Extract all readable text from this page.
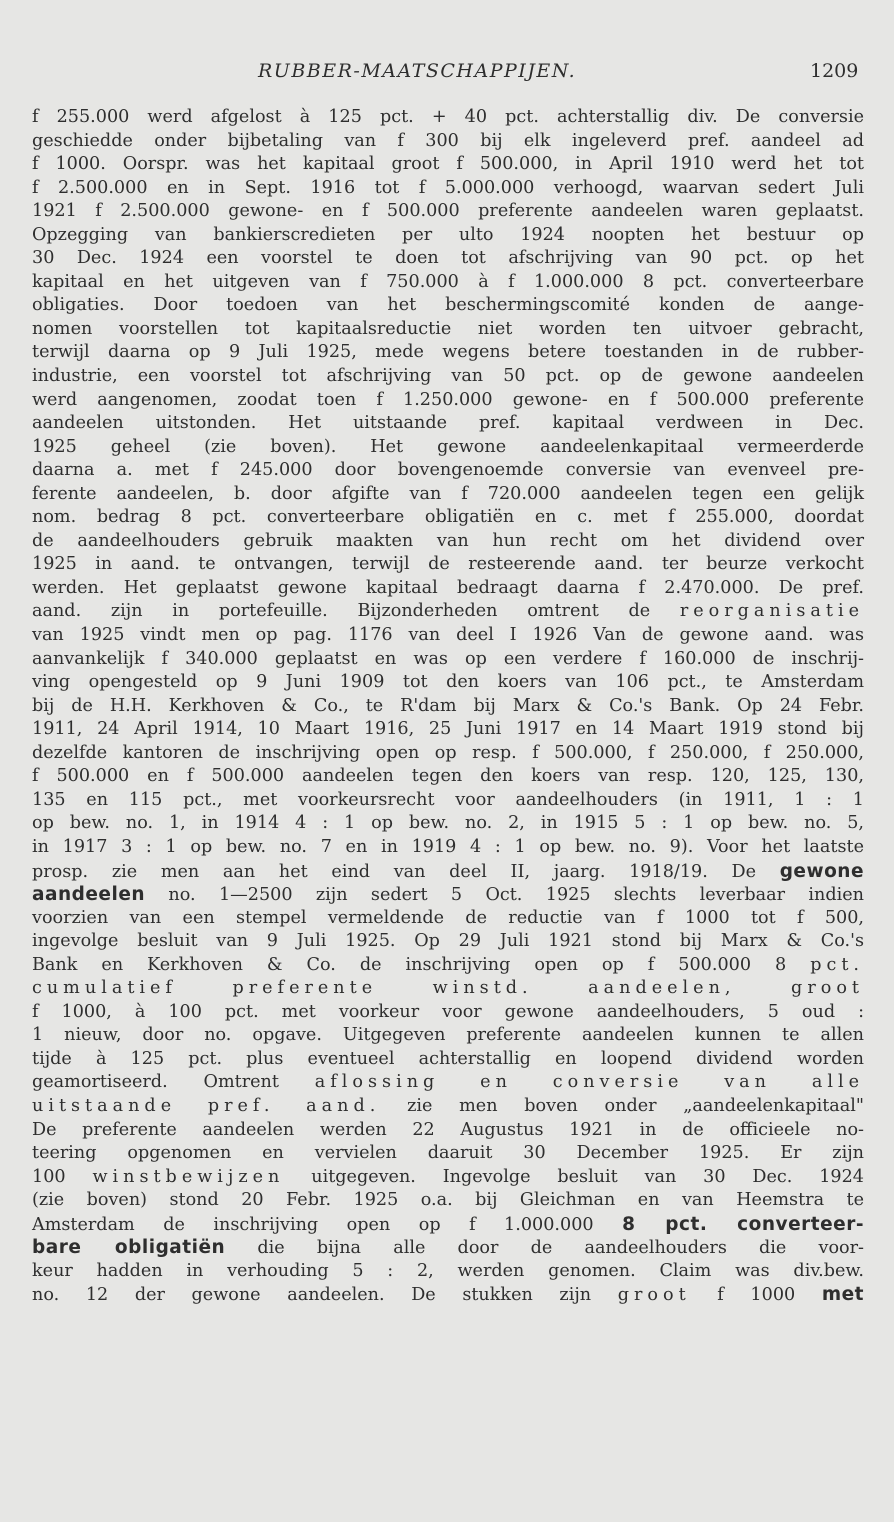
RUBBER-MAATSCHAPPIJEN.	1209
f 255.000 werd afgelost à 125 pct. + 40 pct. achterstallig div. De conversie
geschiedde onder bijbetaling van f 300 bij elk ingeleverd pref. aandeel ad
f 1000. Oorspr. was het kapitaal groot f 500.000, in April 1910 werd het tot
f 2.500.000 en in Sept. 1916 tot f 5.000.000 verhoogd, waarvan sedert Juli
1921 f 2.500.000 gewone- en f 500.000 preferente aandeelen waren geplaatst.
Opzegging van bankierscredieten per ulto 1924 noopten het bestuur op
30 Dec. 1924 een voorstel te doen tot afschrijving van 90 pct. op het
kapitaal en het uitgeven van f 750.000 à f 1.000.000 8 pct. converteerbare
obligaties. Door toedoen van het beschermingscomité konden de aange-
nomen voorstellen tot kapitaalsreductie niet worden ten uitvoer gebracht,
terwijl daarna op 9 Juli 1925, mede wegens betere toestanden in de rubber-
industrie, een voorstel tot afschrijving van 50 pct. op de gewone aandeelen
werd aangenomen, zoodat toen f 1.250.000 gewone- en f 500.000 preferente
aandeelen uitstonden. Het uitstaande pref. kapitaal verdween in Dec.
1925 geheel (zie boven). Het gewone aandeelenkapitaal vermeerderde
daarna a. met f 245.000 door bovengenoemde conversie van evenveel pre-
ferente aandeelen, b. door afgifte van f 720.000 aandeelen tegen een gelijk
nom. bedrag 8 pct. converteerbare obligatiën en c. met f 255.000, doordat
de aandeelhouders gebruik maakten van hun recht om het dividend over
1925 in aand. te ontvangen, terwijl de resteerende aand. ter beurze verkocht
werden. Het geplaatst gewone kapitaal bedraagt daarna f 2.470.000. De pref.
aand. zijn in portefeuille. Bijzonderheden omtrent de reorganisatie
van 1925 vindt men op pag. 1176 van deel I 1926 Van de gewone aand. was
aanvankelijk f 340.000 geplaatst en was op een verdere f 160.000 de inschrij-
ving opengesteld op 9 Juni 1909 tot den koers van 106 pct., te Amsterdam
bij de H.H. Kerkhoven & Co., te R'dam bij Marx & Co.'s Bank. Op 24 Febr.
1911, 24 April 1914, 10 Maart 1916, 25 Juni 1917 en 14 Maart 1919 stond bij
dezelfde kantoren de inschrijving open op resp. f 500.000, f 250.000, f 250.000,
f 500.000 en f 500.000 aandeelen tegen den koers van resp. 120, 125, 130,
135 en 115 pct., met voorkeursrecht voor aandeelhouders (in 1911, 1 : 1
op bew. no. 1, in 1914 4 : 1 op bew. no. 2, in 1915 5 : 1 op bew. no. 5,
in 1917 3 : 1 op bew. no. 7 en in 1919 4 : 1 op bew. no. 9). Voor het laatste
prosp. zie men aan het eind van deel II, jaarg. 1918/19. De gewone
aandeelen no. 1—2500 zijn sedert 5 Oct. 1925 slechts leverbaar indien
voorzien van een stempel vermeldende de reductie van f 1000 tot f 500,
ingevolge besluit van 9 Juli 1925. Op 29 Juli 1921 stond bij Marx & Co.'s
Bank en Kerkhoven & Co. de inschrijving open op f 500.000 8 pct.
cumulatief preferente winstd. aandeelen, groot
f 1000, à 100 pct. met voorkeur voor gewone aandeelhouders, 5 oud :
1 nieuw, door no. opgave. Uitgegeven preferente aandeelen kunnen te allen
tijde à 125 pct. plus eventueel achterstallig en loopend dividend worden
geamortiseerd. Omtrent aflossing en conversie van alle
uitstaande pref. aand. zie men boven onder „aandeelenkapitaal"
De preferente aandeelen werden 22 Augustus 1921 in de officieele no-
teering opgenomen en vervielen daaruit 30 December 1925. Er zijn
100 winstbewijzen uitgegeven. Ingevolge besluit van 30 Dec. 1924
(zie boven) stond 20 Febr. 1925 o.a. bij Gleichman en van Heemstra te
Amsterdam de inschrijving open op f 1.000.000 8 pct. converteer-
bare obligatiën die bijna alle door de aandeelhouders die voor-
keur hadden in verhouding 5 : 2, werden genomen. Claim was div.bew.
no. 12 der gewone aandeelen. De stukken zijn groot f 1000 met
